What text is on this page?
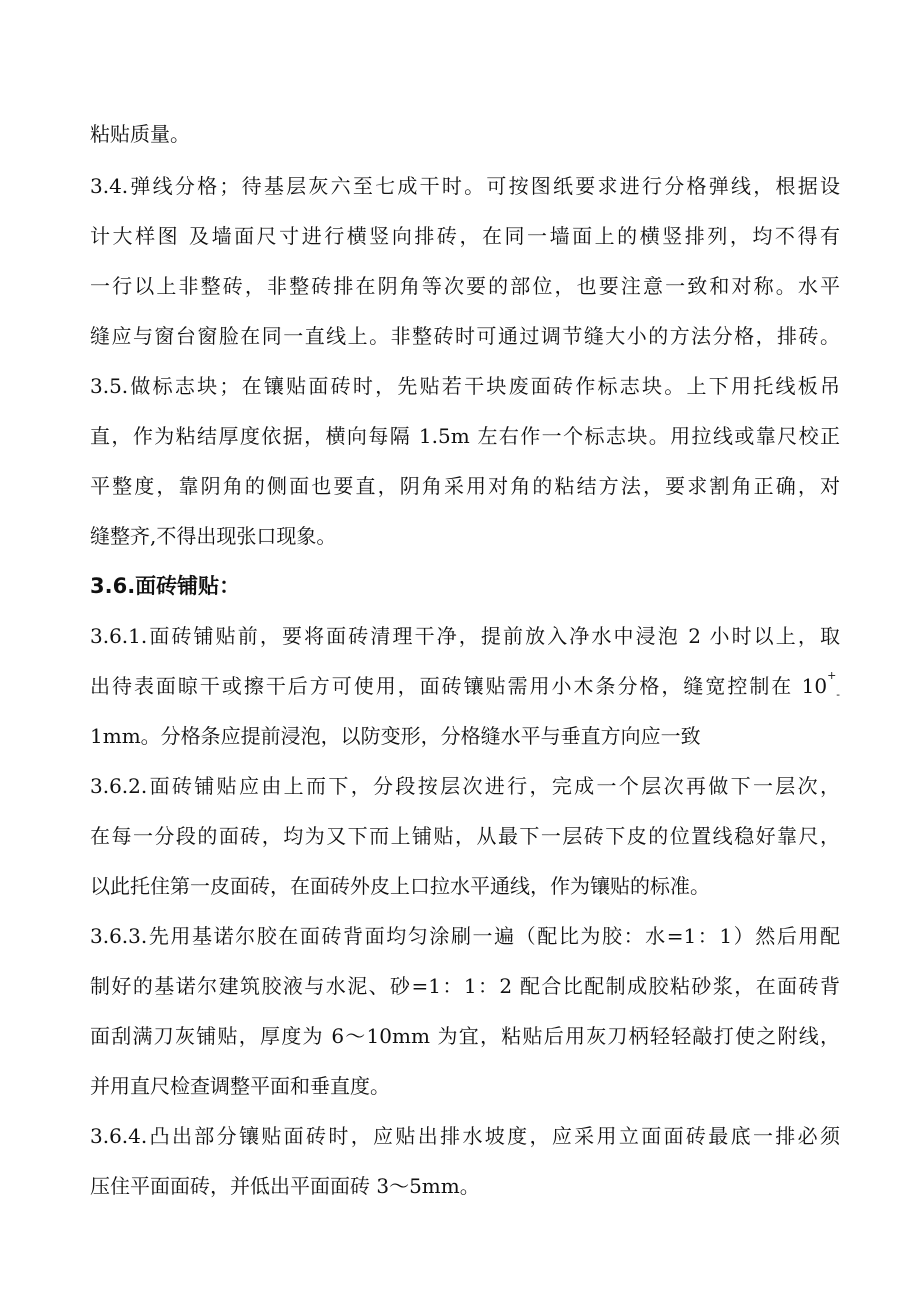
粘贴质量。
3.4.弹线分格；待基层灰六至七成干时。可按图纸要求进行分格弹线，根据设
计大样图 及墙面尺寸进行横竖向排砖，在同一墙面上的横竖排列，均不得有
一行以上非整砖，非整砖排在阴角等次要的部位，也要注意一致和对称。水平
缝应与窗台窗脸在同一直线上。非整砖时可通过调节缝大小的方法分格，排砖。
3.5.做标志块；在镶贴面砖时，先贴若干块废面砖作标志块。上下用托线板吊
直，作为粘结厚度依据，横向每隔 1.5m 左右作一个标志块。用拉线或靠尺校正
平整度，靠阴角的侧面也要直，阴角采用对角的粘结方法，要求割角正确，对
缝整齐,不得出现张口现象。
3.6.面砖铺贴：
3.6.1.面砖铺贴前，要将面砖清理干净，提前放入净水中浸泡 2 小时以上，取
出待表面晾干或擦干后方可使用，面砖镶贴需用小木条分格，缝宽控制在 10+-
1mm。分格条应提前浸泡，以防变形，分格缝水平与垂直方向应一致
3.6.2.面砖铺贴应由上而下，分段按层次进行，完成一个层次再做下一层次，
在每一分段的面砖，均为又下而上铺贴，从最下一层砖下皮的位置线稳好靠尺，
以此托住第一皮面砖，在面砖外皮上口拉水平通线，作为镶贴的标准。
3.6.3.先用基诺尔胶在面砖背面均匀涂刷一遍（配比为胶：水=1：1）然后用配
制好的基诺尔建筑胶液与水泥、砂=1：1：2 配合比配制成胶粘砂浆，在面砖背
面刮满刀灰铺贴，厚度为 6～10mm 为宜，粘贴后用灰刀柄轻轻敲打使之附线，
并用直尺检查调整平面和垂直度。
3.6.4.凸出部分镶贴面砖时，应贴出排水坡度，应采用立面面砖最底一排必须
压住平面面砖，并低出平面面砖 3～5mm。
